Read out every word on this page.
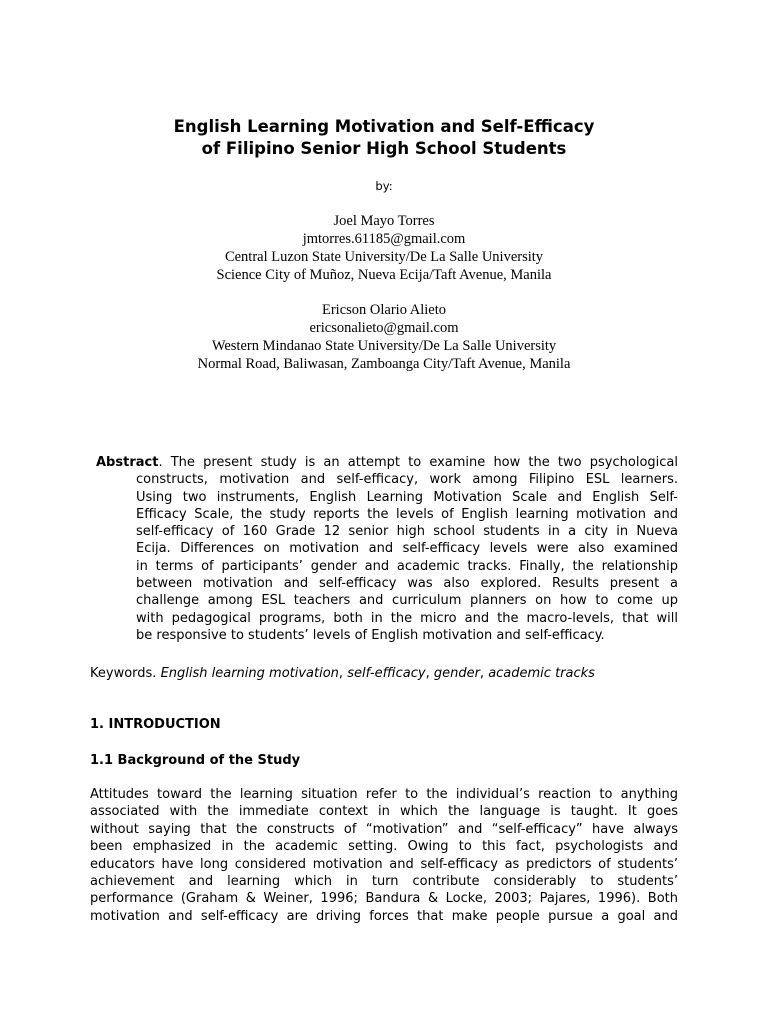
English Learning Motivation and Self-Efficacy
of Filipino Senior High School Students
by:
Joel Mayo Torres
jmtorres.61185@gmail.com
Central Luzon State University/De La Salle University
Science City of Muñoz, Nueva Ecija/Taft Avenue, Manila
Ericson Olario Alieto
ericsonalieto@gmail.com
Western Mindanao State University/De La Salle University
Normal Road, Baliwasan, Zamboanga City/Taft Avenue, Manila
Abstract. The present study is an attempt to examine how the two psychological
constructs, motivation and self-efficacy, work among Filipino ESL learners.
Using two instruments, English Learning Motivation Scale and English Self-
Efficacy Scale, the study reports the levels of English learning motivation and
self-efficacy of 160 Grade 12 senior high school students in a city in Nueva
Ecija. Differences on motivation and self-efficacy levels were also examined
in terms of participants’ gender and academic tracks. Finally, the relationship
between motivation and self-efficacy was also explored. Results present a
challenge among ESL teachers and curriculum planners on how to come up
with pedagogical programs, both in the micro and the macro-levels, that will
be responsive to students’ levels of English motivation and self-efficacy.
Keywords. English learning motivation, self-efficacy, gender, academic tracks
1. INTRODUCTION
1.1 Background of the Study
Attitudes toward the learning situation refer to the individual’s reaction to anything
associated with the immediate context in which the language is taught. It goes
without saying that the constructs of “motivation” and “self-efficacy” have always
been emphasized in the academic setting. Owing to this fact, psychologists and
educators have long considered motivation and self-efficacy as predictors of students’
achievement and learning which in turn contribute considerably to students’
performance (Graham & Weiner, 1996; Bandura & Locke, 2003; Pajares, 1996). Both
motivation and self-efficacy are driving forces that make people pursue a goal and
